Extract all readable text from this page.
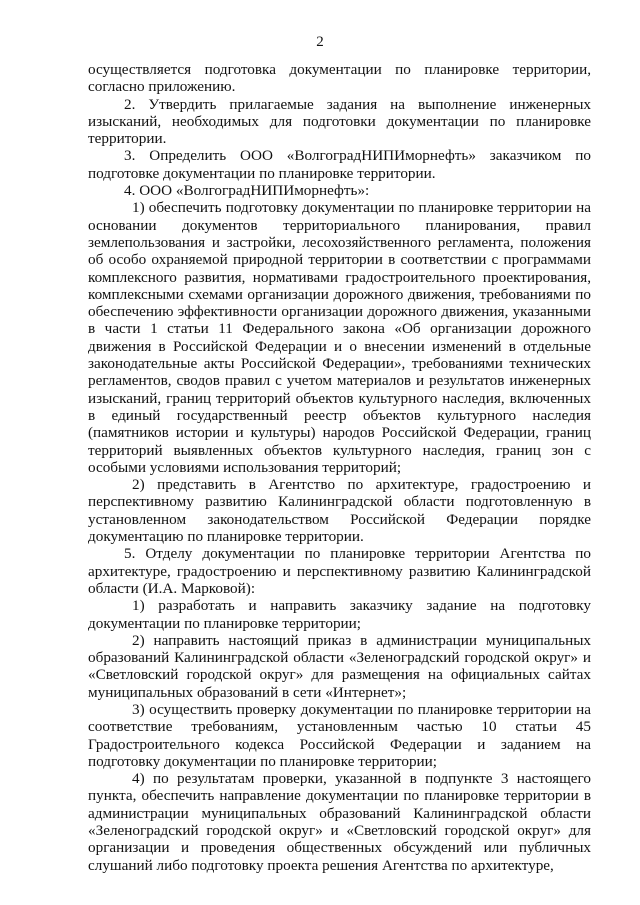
2

осуществляется подготовка документации по планировке территории, согласно приложению.

2. Утвердить прилагаемые задания на выполнение инженерных изысканий, необходимых для подготовки документации по планировке территории.

3. Определить ООО «ВолгоградНИПИморнефть» заказчиком по подготовке документации по планировке территории.

4. ООО «ВолгоградНИПИморнефть»:

1) обеспечить подготовку документации по планировке территории на основании документов территориального планирования, правил землепользования и застройки, лесохозяйственного регламента, положения об особо охраняемой природной территории в соответствии с программами комплексного развития, нормативами градостроительного проектирования, комплексными схемами организации дорожного движения, требованиями по обеспечению эффективности организации дорожного движения, указанными в части 1 статьи 11 Федерального закона «Об организации дорожного движения в Российской Федерации и о внесении изменений в отдельные законодательные акты Российской Федерации», требованиями технических регламентов, сводов правил с учетом материалов и результатов инженерных изысканий, границ территорий объектов культурного наследия, включенных в единый государственный реестр объектов культурного наследия (памятников истории и культуры) народов Российской Федерации, границ территорий выявленных объектов культурного наследия, границ зон с особыми условиями использования территорий;

2) представить в Агентство по архитектуре, градостроению и перспективному развитию Калининградской области подготовленную в установленном законодательством Российской Федерации порядке документацию по планировке территории.

5. Отделу документации по планировке территории Агентства по архитектуре, градостроению и перспективному развитию Калининградской области (И.А. Марковой):

1) разработать и направить заказчику задание на подготовку документации по планировке территории;

2) направить настоящий приказ в администрации муниципальных образований Калининградской области «Зеленоградский городской округ» и «Светловский городской округ» для размещения на официальных сайтах муниципальных образований в сети «Интернет»;

3) осуществить проверку документации по планировке территории на соответствие требованиям, установленным частью 10 статьи 45 Градостроительного кодекса Российской Федерации и заданием на подготовку документации по планировке территории;

4) по результатам проверки, указанной в подпункте 3 настоящего пункта, обеспечить направление документации по планировке территории в администрации муниципальных образований Калининградской области «Зеленоградский городской округ» и «Светловский городской округ» для организации и проведения общественных обсуждений или публичных слушаний либо подготовку проекта решения Агентства по архитектуре,
